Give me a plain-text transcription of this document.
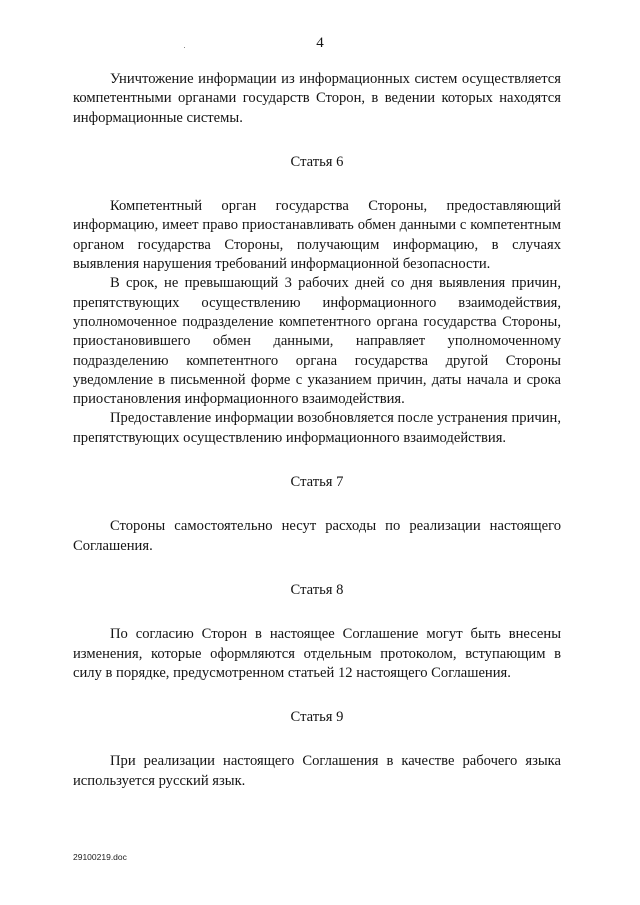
4

Уничтожение информации из информационных систем осуществляется компетентными органами государств Сторон, в ведении которых находятся информационные системы.

Статья 6

Компетентный орган государства Стороны, предоставляющий информацию, имеет право приостанавливать обмен данными с компетентным органом государства Стороны, получающим информацию, в случаях выявления нарушения требований информационной безопасности.

В срок, не превышающий 3 рабочих дней со дня выявления причин, препятствующих осуществлению информационного взаимодействия, уполномоченное подразделение компетентного органа государства Стороны, приостановившего обмен данными, направляет уполномоченному подразделению компетентного органа государства другой Стороны уведомление в письменной форме с указанием причин, даты начала и срока приостановления информационного взаимодействия.

Предоставление информации возобновляется после устранения причин, препятствующих осуществлению информационного взаимодействия.

Статья 7

Стороны самостоятельно несут расходы по реализации настоящего Соглашения.

Статья 8

По согласию Сторон в настоящее Соглашение могут быть внесены изменения, которые оформляются отдельным протоколом, вступающим в силу в порядке, предусмотренном статьей 12 настоящего Соглашения.

Статья 9

При реализации настоящего Соглашения в качестве рабочего языка используется русский язык.

29100219.doc
